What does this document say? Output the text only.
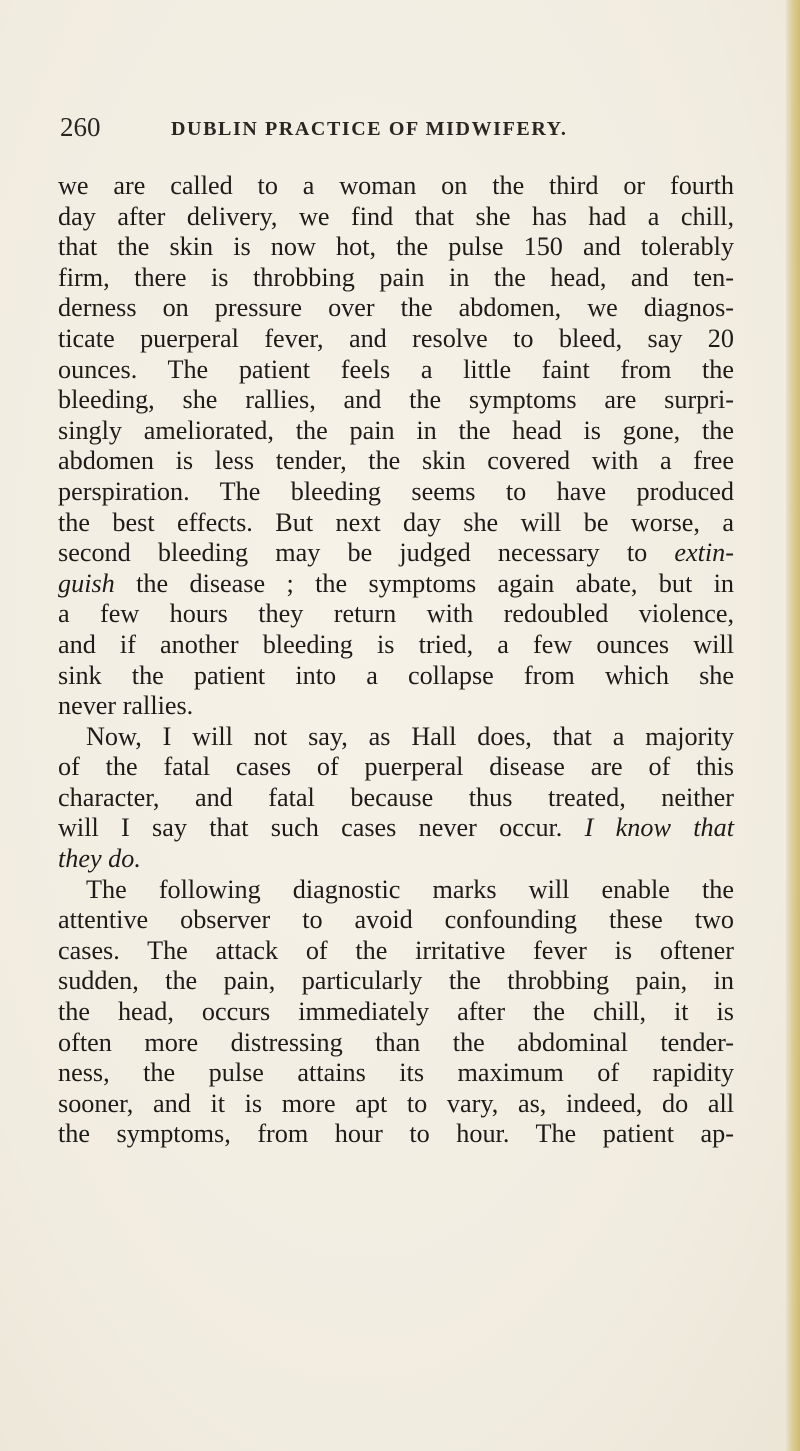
260	DUBLIN PRACTICE OF MIDWIFERY.
we are called to a woman on the third or fourth
day after delivery, we find that she has had a chill,
that the skin is now hot, the pulse 150 and tolerably
firm, there is throbbing pain in the head, and ten-
derness on pressure over the abdomen, we diagnos-
ticate puerperal fever, and resolve to bleed, say 20
ounces. The patient feels a little faint from the
bleeding, she rallies, and the symptoms are surpri-
singly ameliorated, the pain in the head is gone, the
abdomen is less tender, the skin covered with a free
perspiration. The bleeding seems to have produced
the best effects. But next day she will be worse, a
second bleeding may be judged necessary to extin-
guish the disease ; the symptoms again abate, but in
a few hours they return with redoubled violence,
and if another bleeding is tried, a few ounces will
sink the patient into a collapse from which she
never rallies.
Now, I will not say, as Hall does, that a majority
of the fatal cases of puerperal disease are of this
character, and fatal because thus treated, neither
will I say that such cases never occur. I know that
they do.
The following diagnostic marks will enable the
attentive observer to avoid confounding these two
cases. The attack of the irritative fever is oftener
sudden, the pain, particularly the throbbing pain, in
the head, occurs immediately after the chill, it is
often more distressing than the abdominal tender-
ness, the pulse attains its maximum of rapidity
sooner, and it is more apt to vary, as, indeed, do all
the symptoms, from hour to hour. The patient ap-
